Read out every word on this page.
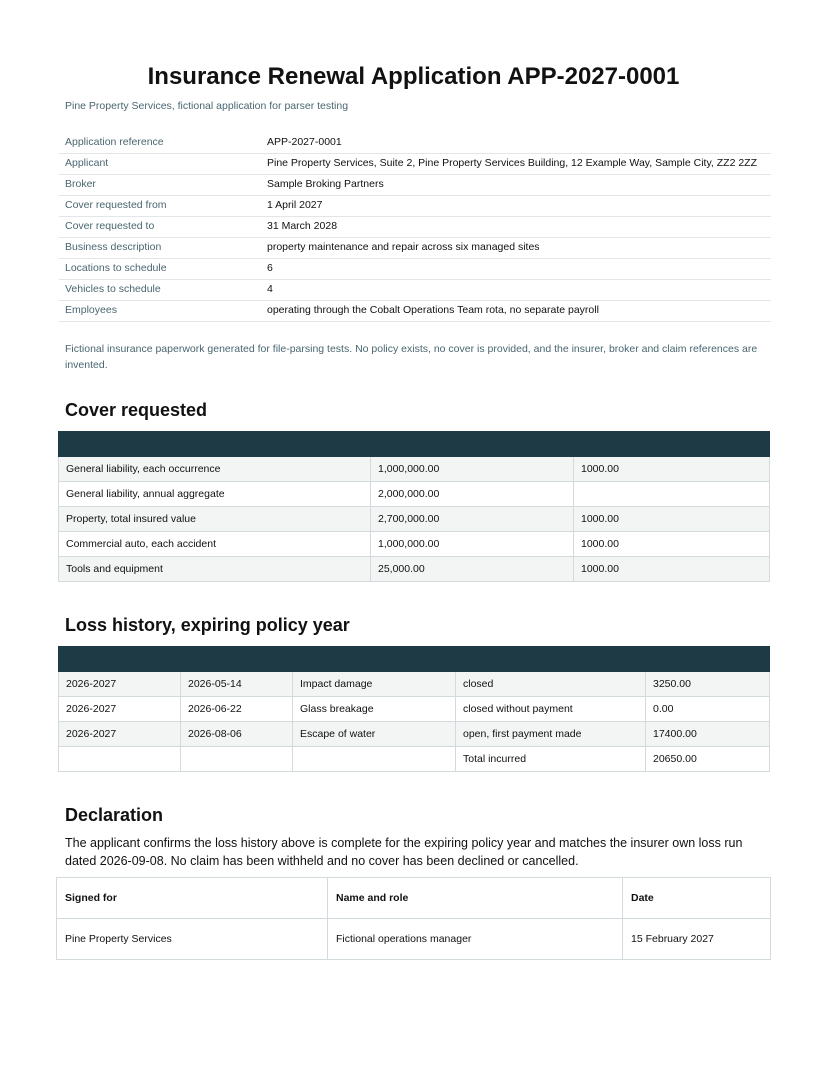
Insurance Renewal Application APP-2027-0001
Pine Property Services, fictional application for parser testing
Application reference	APP-2027-0001
Applicant	Pine Property Services, Suite 2, Pine Property Services Building, 12 Example Way, Sample City, ZZ2 2ZZ
Broker	Sample Broking Partners
Cover requested from	1 April 2027
Cover requested to	31 March 2028
Business description	property maintenance and repair across six managed sites
Locations to schedule	6
Vehicles to schedule	4
Employees	operating through the Cobalt Operations Team rota, no separate payroll
Fictional insurance paperwork generated for file-parsing tests. No policy exists, no cover is provided, and the insurer, broker and claim references are invented.
Cover requested
Coverage	Limit requested USD	Deductible requested USD
General liability, each occurrence	1,000,000.00	1000.00
General liability, annual aggregate	2,000,000.00	
Property, total insured value	2,700,000.00	1000.00
Commercial auto, each accident	1,000,000.00	1000.00
Tools and equipment	25,000.00	1000.00
Loss history, expiring policy year
Claim	Loss date	Peril	Status	Incurred USD
2026-2027	2026-05-14	Impact damage	closed	3250.00
2026-2027	2026-06-22	Glass breakage	closed without payment	0.00
2026-2027	2026-08-06	Escape of water	open, first payment made	17400.00
			Total incurred	20650.00
Declaration
The applicant confirms the loss history above is complete for the expiring policy year and matches the insurer own loss run dated 2026-09-08. No claim has been withheld and no cover has been declined or cancelled.
Signed for	Name and role	Date
Pine Property Services	Fictional operations manager	15 February 2027
